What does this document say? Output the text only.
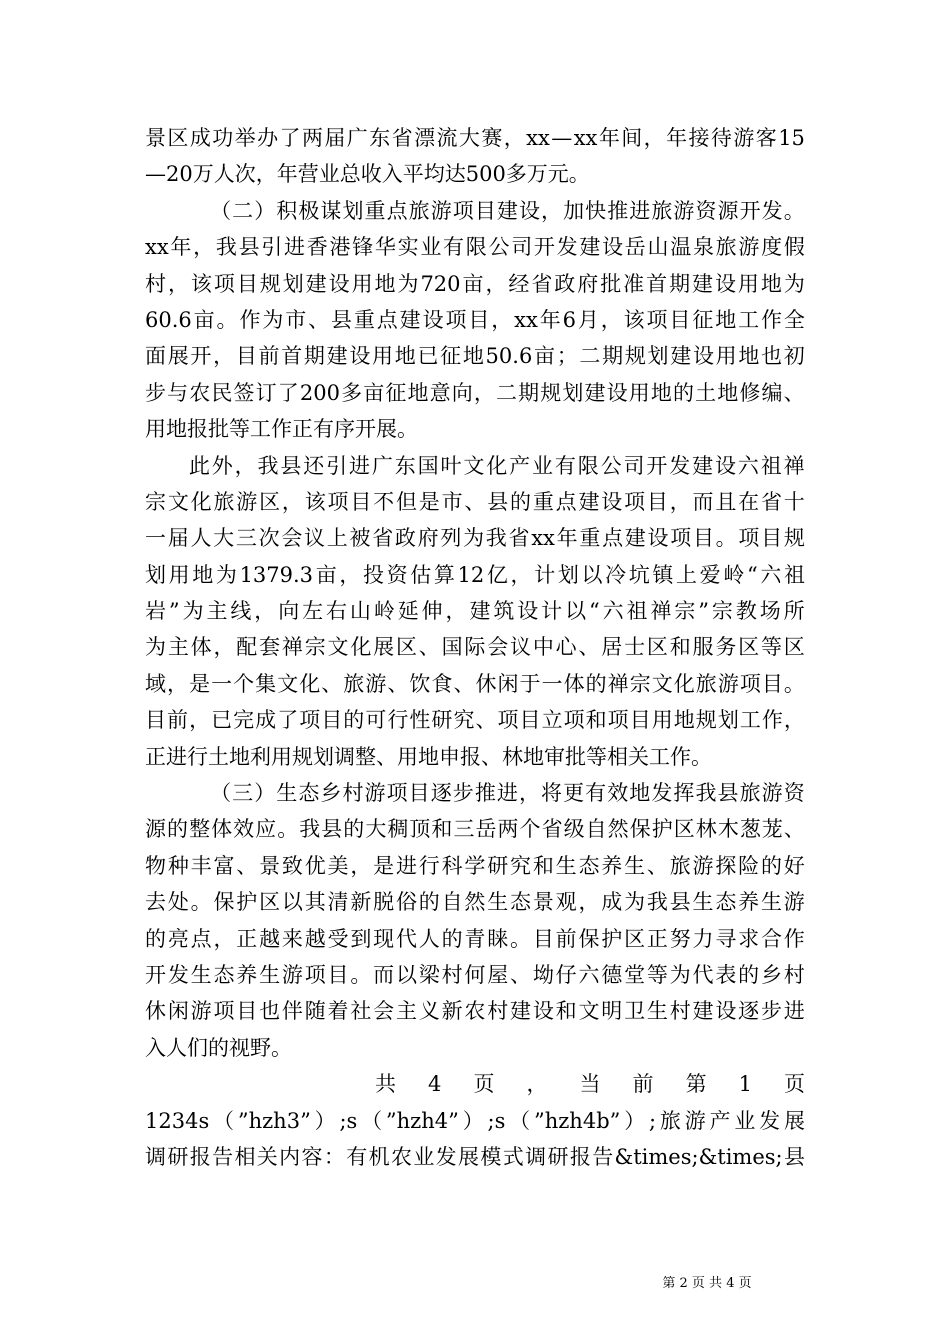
景 区 成 功 举 办 了 两 届 广 东 省 漂 流 大 赛 ， xx — xx 年 间 ， 年 接 待 游 客 15
—20万人次，年营业总收入平均达500多万元。
（ 二 ） 积 极 谋 划 重 点 旅 游 项 目 建 设 ， 加 快 推 进 旅 游 资 源 开 发 。
xx 年 ， 我 县 引 进 香 港 锋 华 实 业 有 限 公 司 开 发 建 设 岳 山 温 泉 旅 游 度 假
村 ， 该 项 目 规 划 建 设 用 地 为 720 亩 ， 经 省 政 府 批 准 首 期 建 设 用 地 为
60.6 亩 。 作 为 市 、 县 重 点 建 设 项 目 ， xx 年 6 月 ， 该 项 目 征 地 工 作 全
面 展 开 ， 目 前 首 期 建 设 用 地 已 征 地 50.6 亩 ； 二 期 规 划 建 设 用 地 也 初
步 与 农 民 签 订 了 200 多 亩 征 地 意 向 ， 二 期 规 划 建 设 用 地 的 土 地 修 编 、
用地报批等工作正有序开展。
此 外 ， 我 县 还 引 进 广 东 国 叶 文 化 产 业 有 限 公 司 开 发 建 设 六 祖 禅
宗 文 化 旅 游 区 ， 该 项 目 不 但 是 市 、 县 的 重 点 建 设 项 目 ， 而 且 在 省 十
一 届 人 大 三 次 会 议 上 被 省 政 府 列 为 我 省 xx 年 重 点 建 设 项 目 。 项 目 规
划 用 地 为 1379.3 亩 ， 投 资 估 算 12 亿 ， 计 划 以 冷 坑 镇 上 爱 岭 “ 六 祖
岩 ” 为 主 线 ， 向 左 右 山 岭 延 伸 ， 建 筑 设 计 以 “ 六 祖 禅 宗 ” 宗 教 场 所
为 主 体 ， 配 套 禅 宗 文 化 展 区 、 国 际 会 议 中 心 、 居 士 区 和 服 务 区 等 区
域 ， 是 一 个 集 文 化 、 旅 游 、 饮 食 、 休 闲 于 一 体 的 禅 宗 文 化 旅 游 项 目 。
目 前 ， 已 完 成 了 项 目 的 可 行 性 研 究 、 项 目 立 项 和 项 目 用 地 规 划 工 作 ，
正进行土地利用规划调整、用地申报、林地审批等相关工作。
（ 三 ） 生 态 乡 村 游 项 目 逐 步 推 进 ， 将 更 有 效 地 发 挥 我 县 旅 游 资
源 的 整 体 效 应 。 我 县 的 大 稠 顶 和 三 岳 两 个 省 级 自 然 保 护 区 林 木 葱 茏 、
物 种 丰 富 、 景 致 优 美 ， 是 进 行 科 学 研 究 和 生 态 养 生 、 旅 游 探 险 的 好
去 处 。 保 护 区 以 其 清 新 脱 俗 的 自 然 生 态 景 观 ， 成 为 我 县 生 态 养 生 游
的 亮 点 ， 正 越 来 越 受 到 现 代 人 的 青 睐 。 目 前 保 护 区 正 努 力 寻 求 合 作
开 发 生 态 养 生 游 项 目 。 而 以 梁 村 何 屋 、 坳 仔 六 德 堂 等 为 代 表 的 乡 村
休 闲 游 项 目 也 伴 随 着 社 会 主 义 新 农 村 建 设 和 文 明 卫 生 村 建 设 逐 步 进
入人们的视野。
共 4 页 ， 当 前 第 1 页
1234s （ ”hzh3” ） ;s （ ”hzh4” ） ;s （ ”hzh4b” ） ; 旅 游 产 业 发 展
调 研 报 告 相 关 内 容 ： 有 机 农 业 发 展 模 式 调 研 报 告 &times;&times; 县
第 2 页 共 4 页
